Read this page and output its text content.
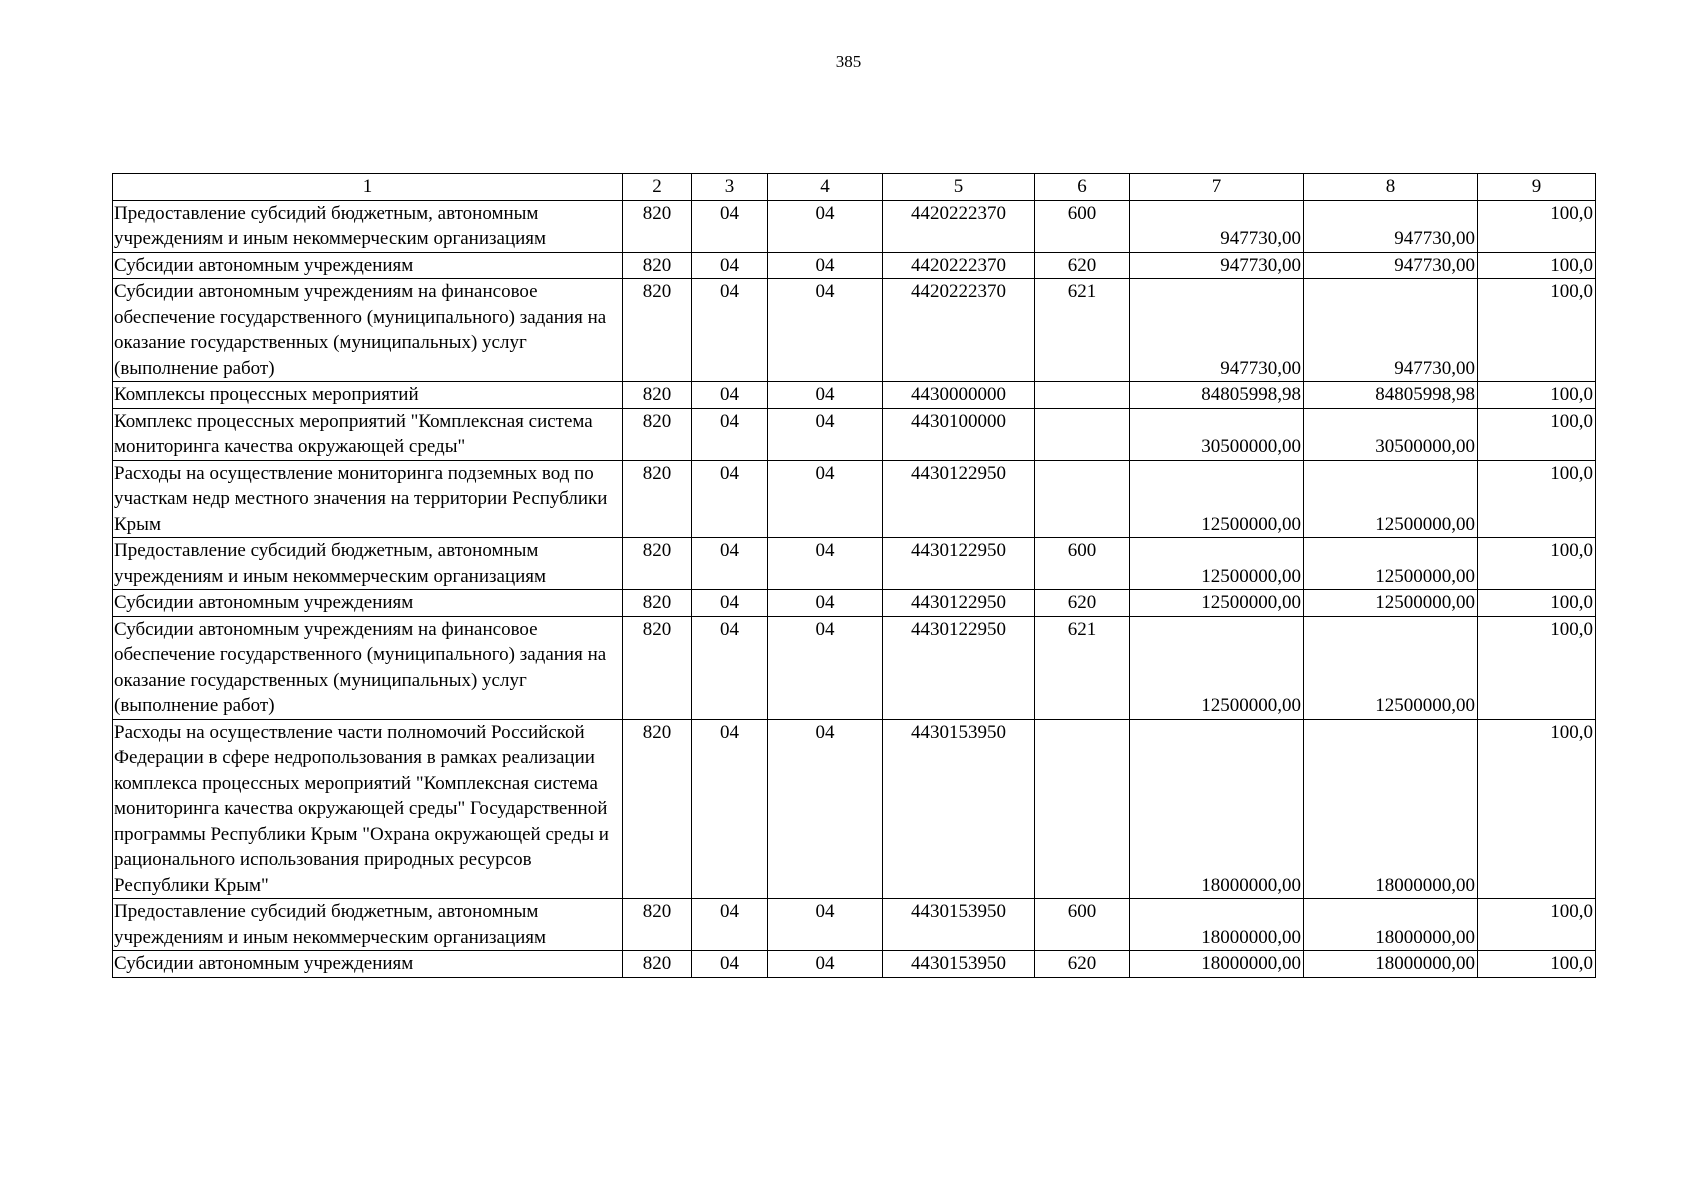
385
1	2	3	4	5	6	7	8	9
Предоставление субсидий бюджетным, автономным учреждениям и иным некоммерческим организациям	820	04	04	4420222370	600	947730,00	947730,00	100,0
Субсидии автономным учреждениям	820	04	04	4420222370	620	947730,00	947730,00	100,0
Субсидии автономным учреждениям на финансовое обеспечение государственного (муниципального) задания на оказание государственных (муниципальных) услуг (выполнение работ)	820	04	04	4420222370	621	947730,00	947730,00	100,0
Комплексы процессных мероприятий	820	04	04	4430000000		84805998,98	84805998,98	100,0
Комплекс процессных мероприятий "Комплексная система мониторинга качества окружающей среды"	820	04	04	4430100000		30500000,00	30500000,00	100,0
Расходы на осуществление мониторинга подземных вод по участкам недр местного значения на территории Республики Крым	820	04	04	4430122950		12500000,00	12500000,00	100,0
Предоставление субсидий бюджетным, автономным учреждениям и иным некоммерческим организациям	820	04	04	4430122950	600	12500000,00	12500000,00	100,0
Субсидии автономным учреждениям	820	04	04	4430122950	620	12500000,00	12500000,00	100,0
Субсидии автономным учреждениям на финансовое обеспечение государственного (муниципального) задания на оказание государственных (муниципальных) услуг (выполнение работ)	820	04	04	4430122950	621	12500000,00	12500000,00	100,0
Расходы на осуществление части полномочий Российской Федерации в сфере недропользования в рамках реализации комплекса процессных мероприятий "Комплексная система мониторинга качества окружающей среды" Государственной программы Республики Крым "Охрана окружающей среды и рационального использования природных ресурсов Республики Крым"	820	04	04	4430153950		18000000,00	18000000,00	100,0
Предоставление субсидий бюджетным, автономным учреждениям и иным некоммерческим организациям	820	04	04	4430153950	600	18000000,00	18000000,00	100,0
Субсидии автономным учреждениям	820	04	04	4430153950	620	18000000,00	18000000,00	100,0
